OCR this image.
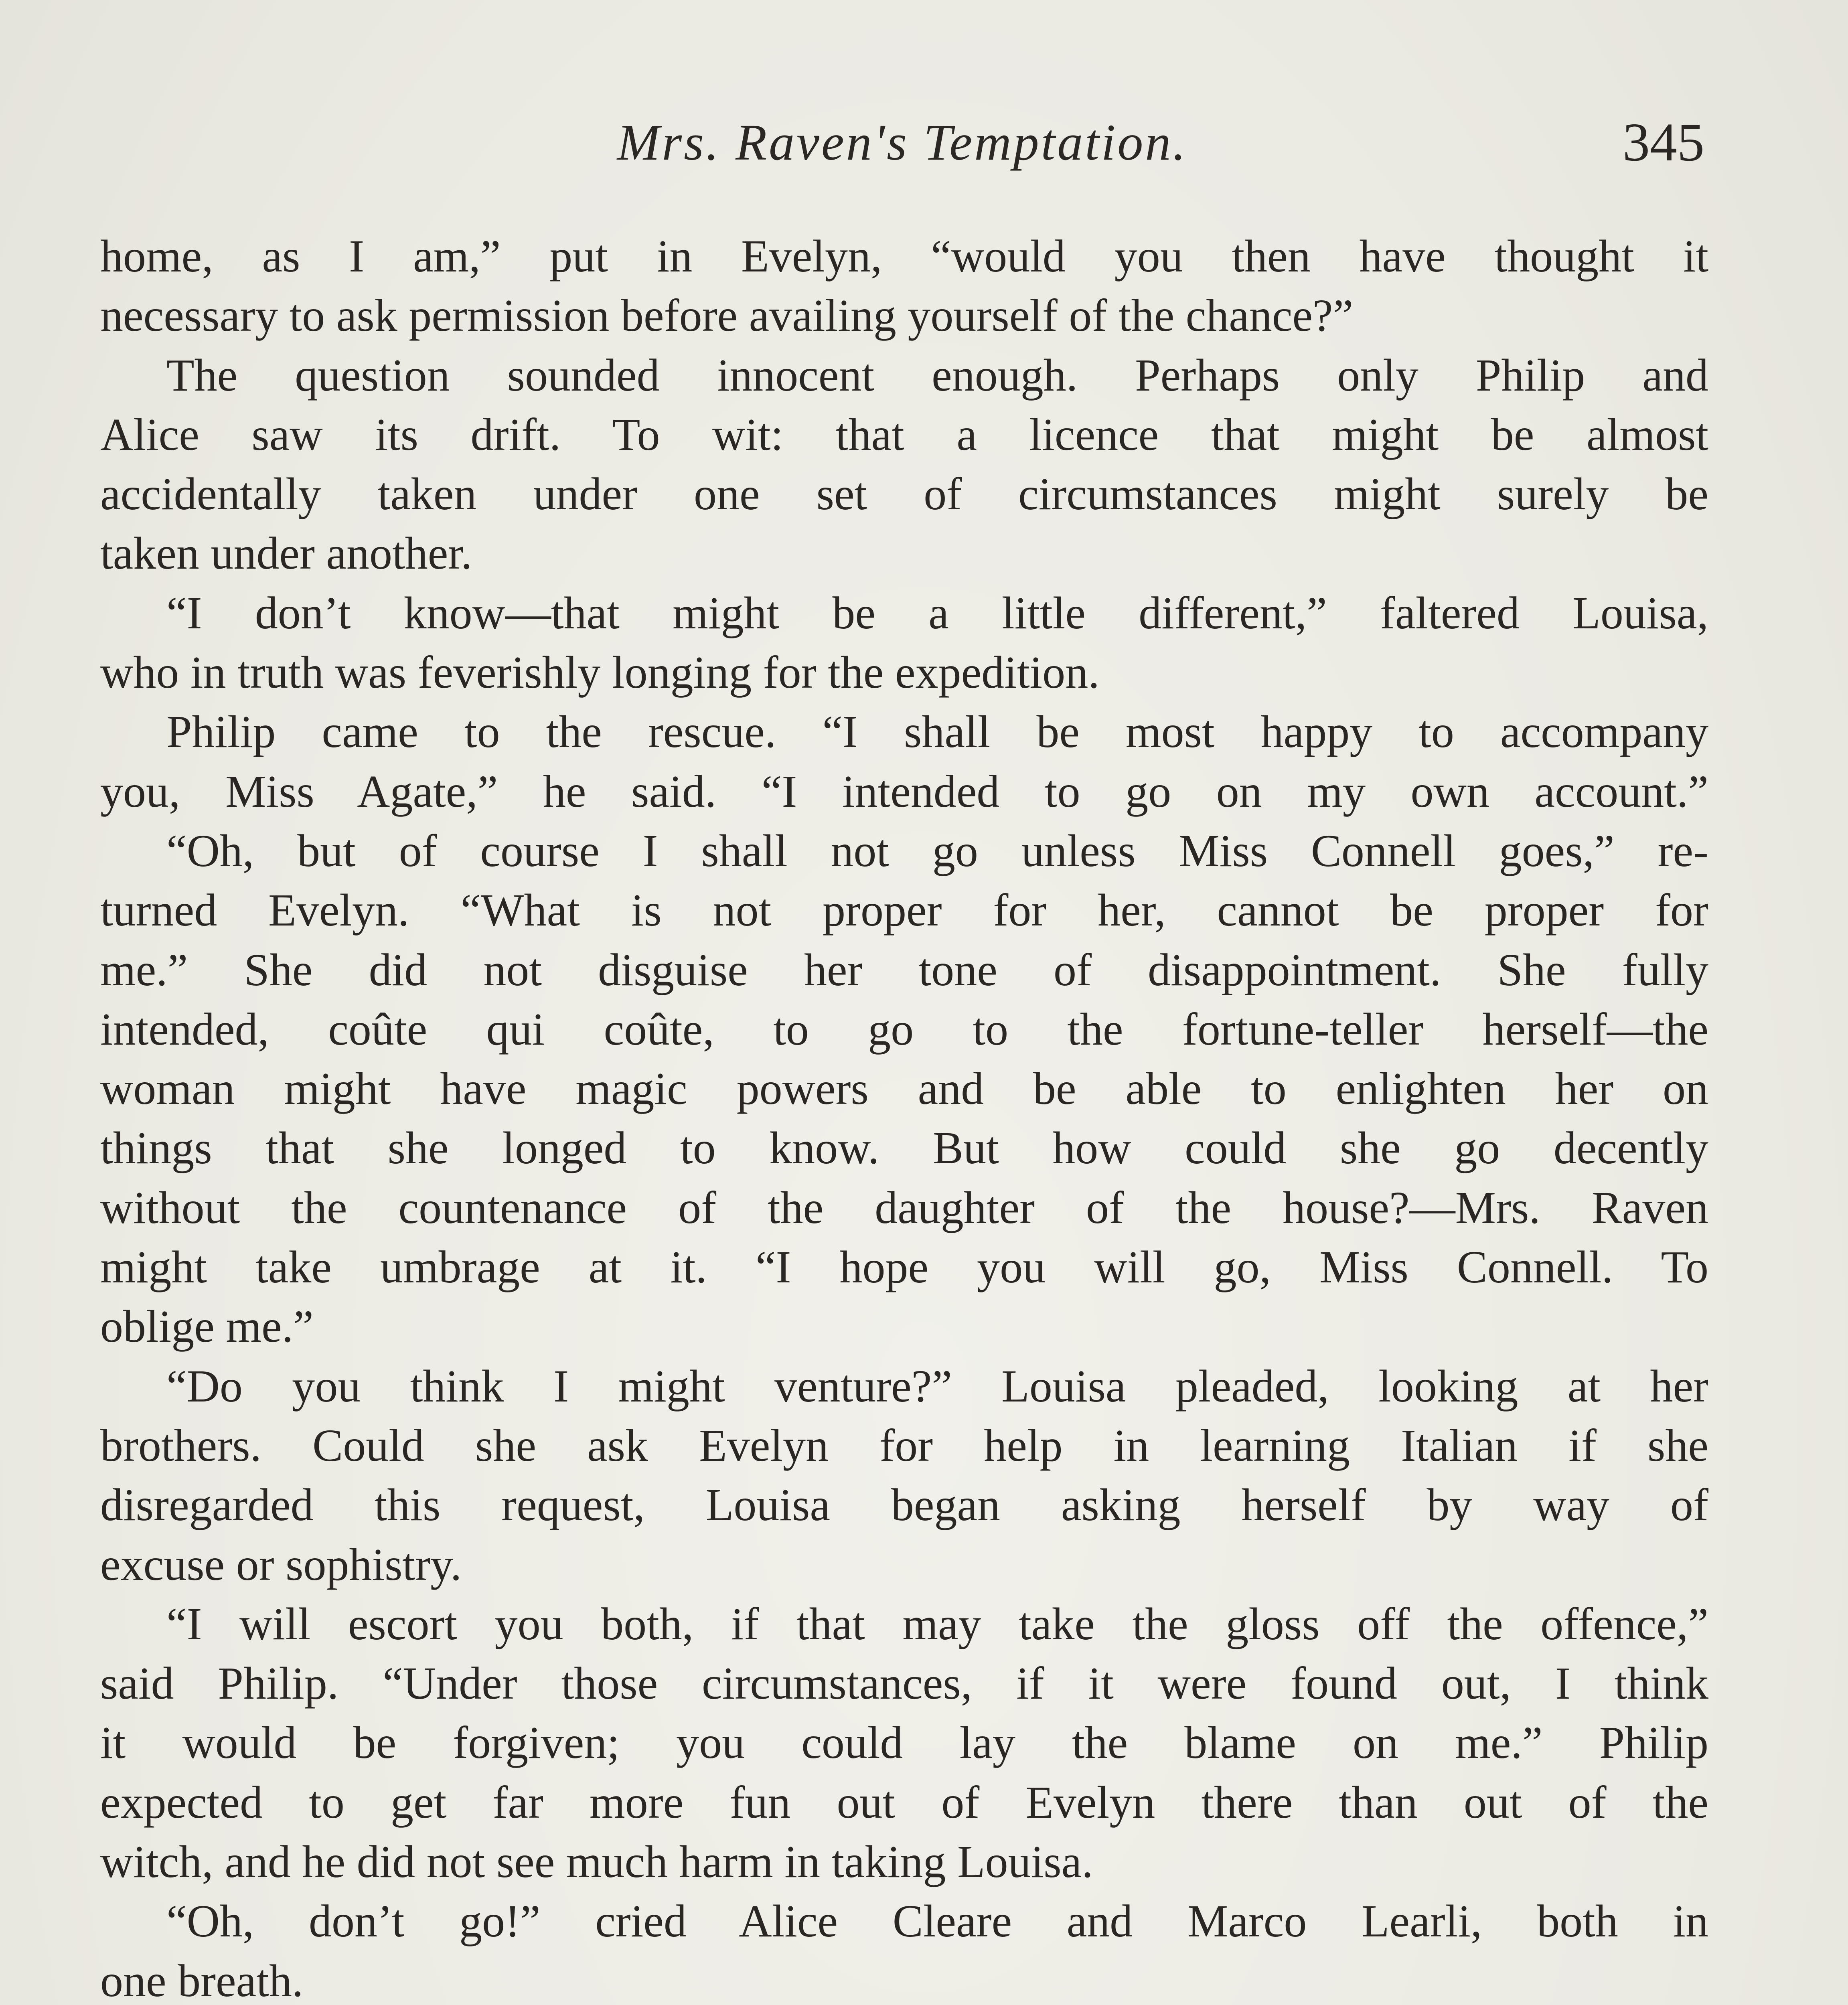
Mrs. Raven's Temptation.	345
home, as I am,” put in Evelyn, “would you then have thought it
necessary to ask permission before availing yourself of the chance?”
The question sounded innocent enough. Perhaps only Philip and
Alice saw its drift. To wit: that a licence that might be almost
accidentally taken under one set of circumstances might surely be
taken under another.
“I don’t know—that might be a little different,” faltered Louisa,
who in truth was feverishly longing for the expedition.
Philip came to the rescue. “I shall be most happy to accompany
you, Miss Agate,” he said. “I intended to go on my own account.”
“Oh, but of course I shall not go unless Miss Connell goes,” re-
turned Evelyn. “What is not proper for her, cannot be proper for
me.” She did not disguise her tone of disappointment. She fully
intended, coûte qui coûte, to go to the fortune-teller herself—the
woman might have magic powers and be able to enlighten her on
things that she longed to know. But how could she go decently
without the countenance of the daughter of the house?—Mrs. Raven
might take umbrage at it. “I hope you will go, Miss Connell. To
oblige me.”
“Do you think I might venture?” Louisa pleaded, looking at her
brothers. Could she ask Evelyn for help in learning Italian if she
disregarded this request, Louisa began asking herself by way of
excuse or sophistry.
“I will escort you both, if that may take the gloss off the offence,”
said Philip. “Under those circumstances, if it were found out, I think
it would be forgiven; you could lay the blame on me.” Philip
expected to get far more fun out of Evelyn there than out of the
witch, and he did not see much harm in taking Louisa.
“Oh, don’t go!” cried Alice Cleare and Marco Learli, both in
one breath.
